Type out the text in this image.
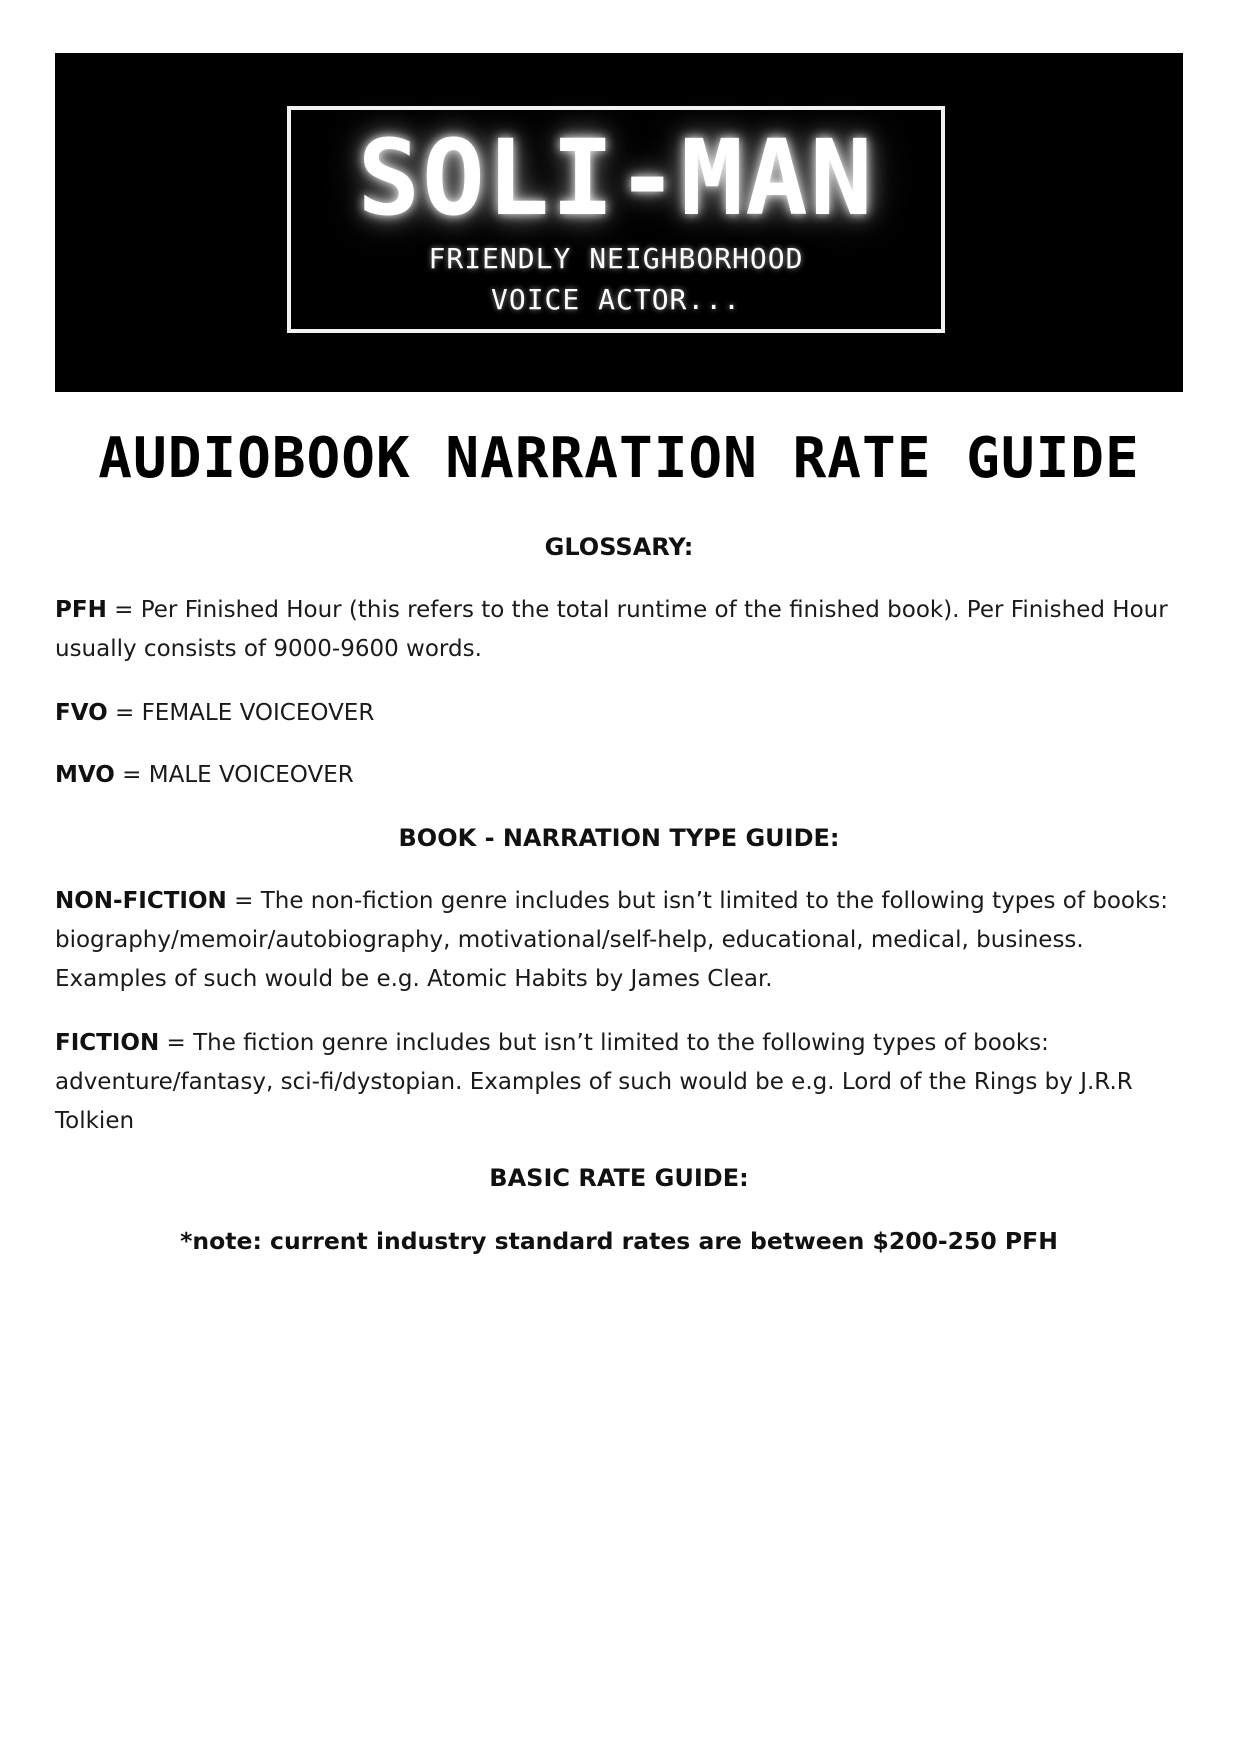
SOLI-MAN
FRIENDLY NEIGHBORHOOD
VOICE ACTOR...
AUDIOBOOK NARRATION RATE GUIDE
GLOSSARY:
PFH = Per Finished Hour (this refers to the total runtime of the finished book). Per Finished Hour usually consists of 9000-9600 words.
FVO = FEMALE VOICEOVER
MVO = MALE VOICEOVER
BOOK - NARRATION TYPE GUIDE:
NON-FICTION = The non-fiction genre includes but isn’t limited to the following types of books: biography/memoir/autobiography, motivational/self-help, educational, medical, business. Examples of such would be e.g. Atomic Habits by James Clear.
FICTION = The fiction genre includes but isn’t limited to the following types of books: adventure/fantasy, sci-fi/dystopian. Examples of such would be e.g. Lord of the Rings by J.R.R Tolkien
BASIC RATE GUIDE:
*note: current industry standard rates are between $200-250 PFH
